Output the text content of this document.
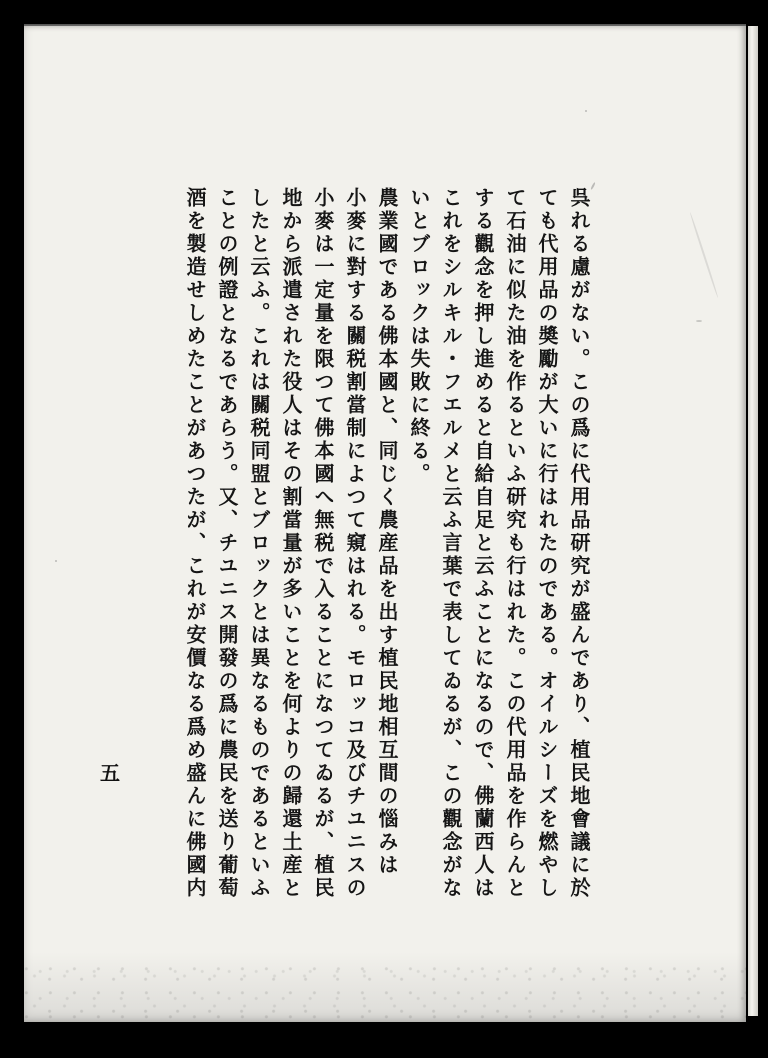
呉れる慮がない。この爲に代用品研究が盛んであり、植民地會議に於
ても代用品の奬勵が大いに行はれたのである。オイルシーズを燃やし
て石油に似た油を作るといふ研究も行はれた。この代用品を作らんと
する觀念を押し進めると自給自足と云ふことになるので、佛蘭西人は
これをシルキル・フエルメと云ふ言葉で表してゐるが、この觀念がな
いとブロックは失敗に終る。
農業國である佛本國と、同じく農産品を出す植民地相互間の惱みは
小麥に對する關税割當制によつて窺はれる。モロッコ及びチユニスの
小麥は一定量を限つて佛本國へ無税で入ることになつてゐるが、植民
地から派遣された役人はその割當量が多いことを何よりの歸還土産と
したと云ふ。これは關税同盟とブロックとは異なるものであるといふ
ことの例證となるであらう。又、チユニス開發の爲に農民を送り葡萄
酒を製造せしめたことがあつたが、これが安價なる爲め盛んに佛國内
五
